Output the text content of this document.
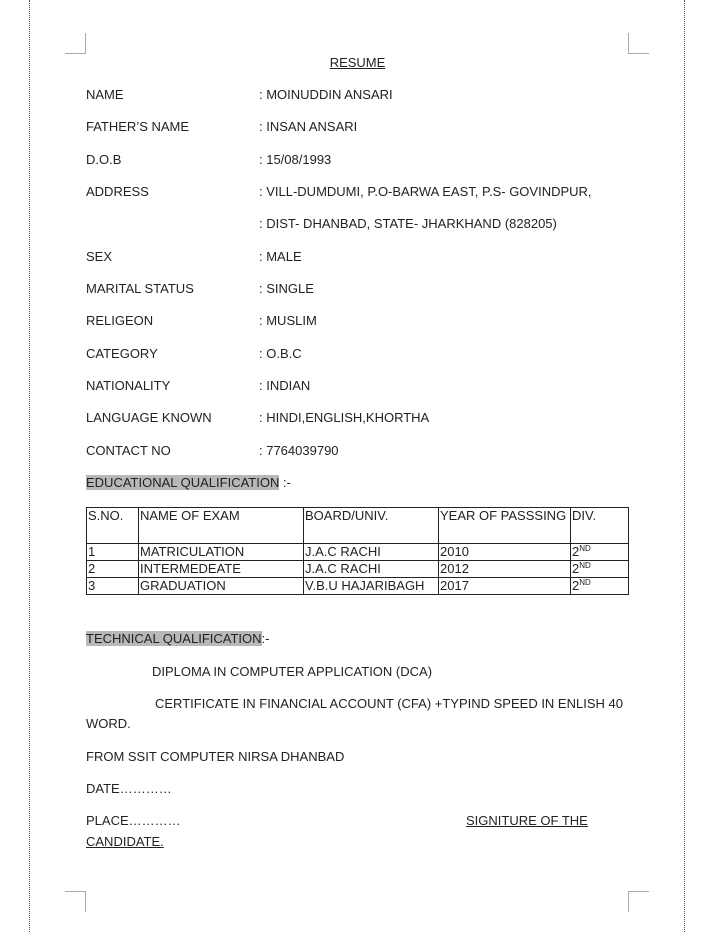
RESUME
NAME	: MOINUDDIN ANSARI
FATHER’S NAME	: INSAN ANSARI
D.O.B	: 15/08/1993
ADDRESS	: VILL-DUMDUMI, P.O-BARWA EAST, P.S- GOVINDPUR,
: DIST- DHANBAD, STATE- JHARKHAND (828205)
SEX	: MALE
MARITAL STATUS	: SINGLE
RELIGEON	: MUSLIM
CATEGORY	: O.B.C
NATIONALITY	: INDIAN
LANGUAGE KNOWN	: HINDI,ENGLISH,KHORTHA
CONTACT NO	: 7764039790
EDUCATIONAL QUALIFICATION :-
S.NO.	NAME OF EXAM	BOARD/UNIV.	YEAR OF PASSSING	DIV.
1	MATRICULATION	J.A.C RACHI	2010	2ND
2	INTERMEDEATE	J.A.C RACHI	2012	2ND
3	GRADUATION	V.B.U HAJARIBAGH	2017	2ND
TECHNICAL QUALIFICATION:-
DIPLOMA IN COMPUTER APPLICATION (DCA)
CERTIFICATE IN FINANCIAL ACCOUNT (CFA) +TYPIND SPEED IN ENLISH 40
WORD.
FROM SSIT COMPUTER NIRSA DHANBAD
DATE…………
PLACE…………	SIGNITURE OF THE
CANDIDATE.
